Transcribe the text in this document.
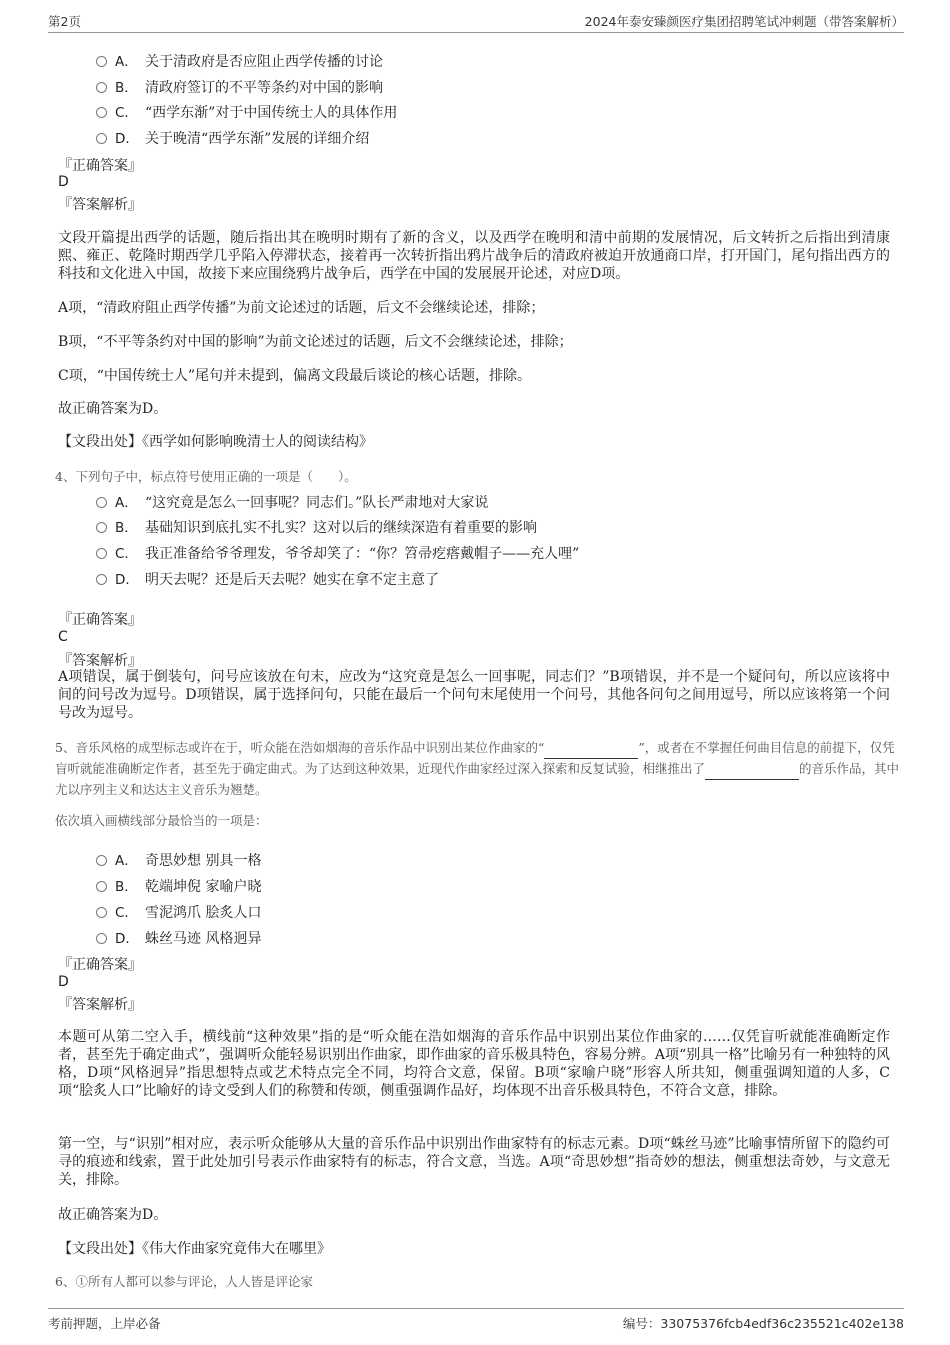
第2页	2024年泰安臻颜医疗集团招聘笔试冲刺题（带答案解析）
A． 关于清政府是否应阻止西学传播的讨论
B． 清政府签订的不平等条约对中国的影响
C． “西学东渐”对于中国传统士人的具体作用
D． 关于晚清“西学东渐”发展的详细介绍
『正确答案』
D
『答案解析』
文段开篇提出西学的话题，随后指出其在晚明时期有了新的含义，以及西学在晚明和清中前期的发展情况，后文转折之后指出到清康熙、雍正、乾隆时期西学几乎陷入停滞状态，接着再一次转折指出鸦片战争后的清政府被迫开放通商口岸，打开国门，尾句指出西方的科技和文化进入中国，故接下来应围绕鸦片战争后，西学在中国的发展展开论述，对应D项。
A项，“清政府阻止西学传播”为前文论述过的话题，后文不会继续论述，排除；
B项，“不平等条约对中国的影响”为前文论述过的话题，后文不会继续论述，排除；
C项，“中国传统士人”尾句并未提到，偏离文段最后谈论的核心话题，排除。
故正确答案为D。
【文段出处】《西学如何影响晚清士人的阅读结构》
4、下列句子中，标点符号使用正确的一项是（　　）。
A． “这究竟是怎么一回事呢？同志们。”队长严肃地对大家说
B． 基础知识到底扎实不扎实？这对以后的继续深造有着重要的影响
C． 我正准备给爷爷理发，爷爷却笑了：“你？笤帚疙瘩戴帽子——充人哩”
D． 明天去呢？还是后天去呢？她实在拿不定主意了
『正确答案』
C
『答案解析』
A项错误，属于倒装句，问号应该放在句末，应改为“这究竟是怎么一回事呢，同志们？”B项错误，并不是一个疑问句，所以应该将中间的问号改为逗号。D项错误，属于选择问句，只能在最后一个问句末尾使用一个问号，其他各问句之间用逗号，所以应该将第一个问号改为逗号。
5、音乐风格的成型标志或许在于，听众能在浩如烟海的音乐作品中识别出某位作曲家的“	”，或者在不掌握任何曲目信息的前提下，仅凭盲听就能准确断定作者，甚至先于确定曲式。为了达到这种效果，近现代作曲家经过深入探索和反复试验，相继推出了	的音乐作品，其中尤以序列主义和达达主义音乐为翘楚。
依次填入画横线部分最恰当的一项是：
A． 奇思妙想 别具一格
B． 乾端坤倪 家喻户晓
C． 雪泥鸿爪 脍炙人口
D． 蛛丝马迹 风格迥异
『正确答案』
D
『答案解析』
本题可从第二空入手，横线前“这种效果”指的是“听众能在浩如烟海的音乐作品中识别出某位作曲家的……仅凭盲听就能准确断定作者，甚至先于确定曲式”，强调听众能轻易识别出作曲家，即作曲家的音乐极具特色，容易分辨。A项“别具一格”比喻另有一种独特的风格，D项“风格迥异”指思想特点或艺术特点完全不同，均符合文意，保留。B项“家喻户晓”形容人所共知，侧重强调知道的人多，C项“脍炙人口”比喻好的诗文受到人们的称赞和传颂，侧重强调作品好，均体现不出音乐极具特色，不符合文意，排除。
第一空，与“识别”相对应，表示听众能够从大量的音乐作品中识别出作曲家特有的标志元素。D项“蛛丝马迹”比喻事情所留下的隐约可寻的痕迹和线索，置于此处加引号表示作曲家特有的标志，符合文意，当选。A项“奇思妙想”指奇妙的想法，侧重想法奇妙，与文意无关，排除。
故正确答案为D。
【文段出处】《伟大作曲家究竟伟大在哪里》
6、①所有人都可以参与评论，人人皆是评论家
考前押题，上岸必备	编号：33075376fcb4edf36c235521c402e138
